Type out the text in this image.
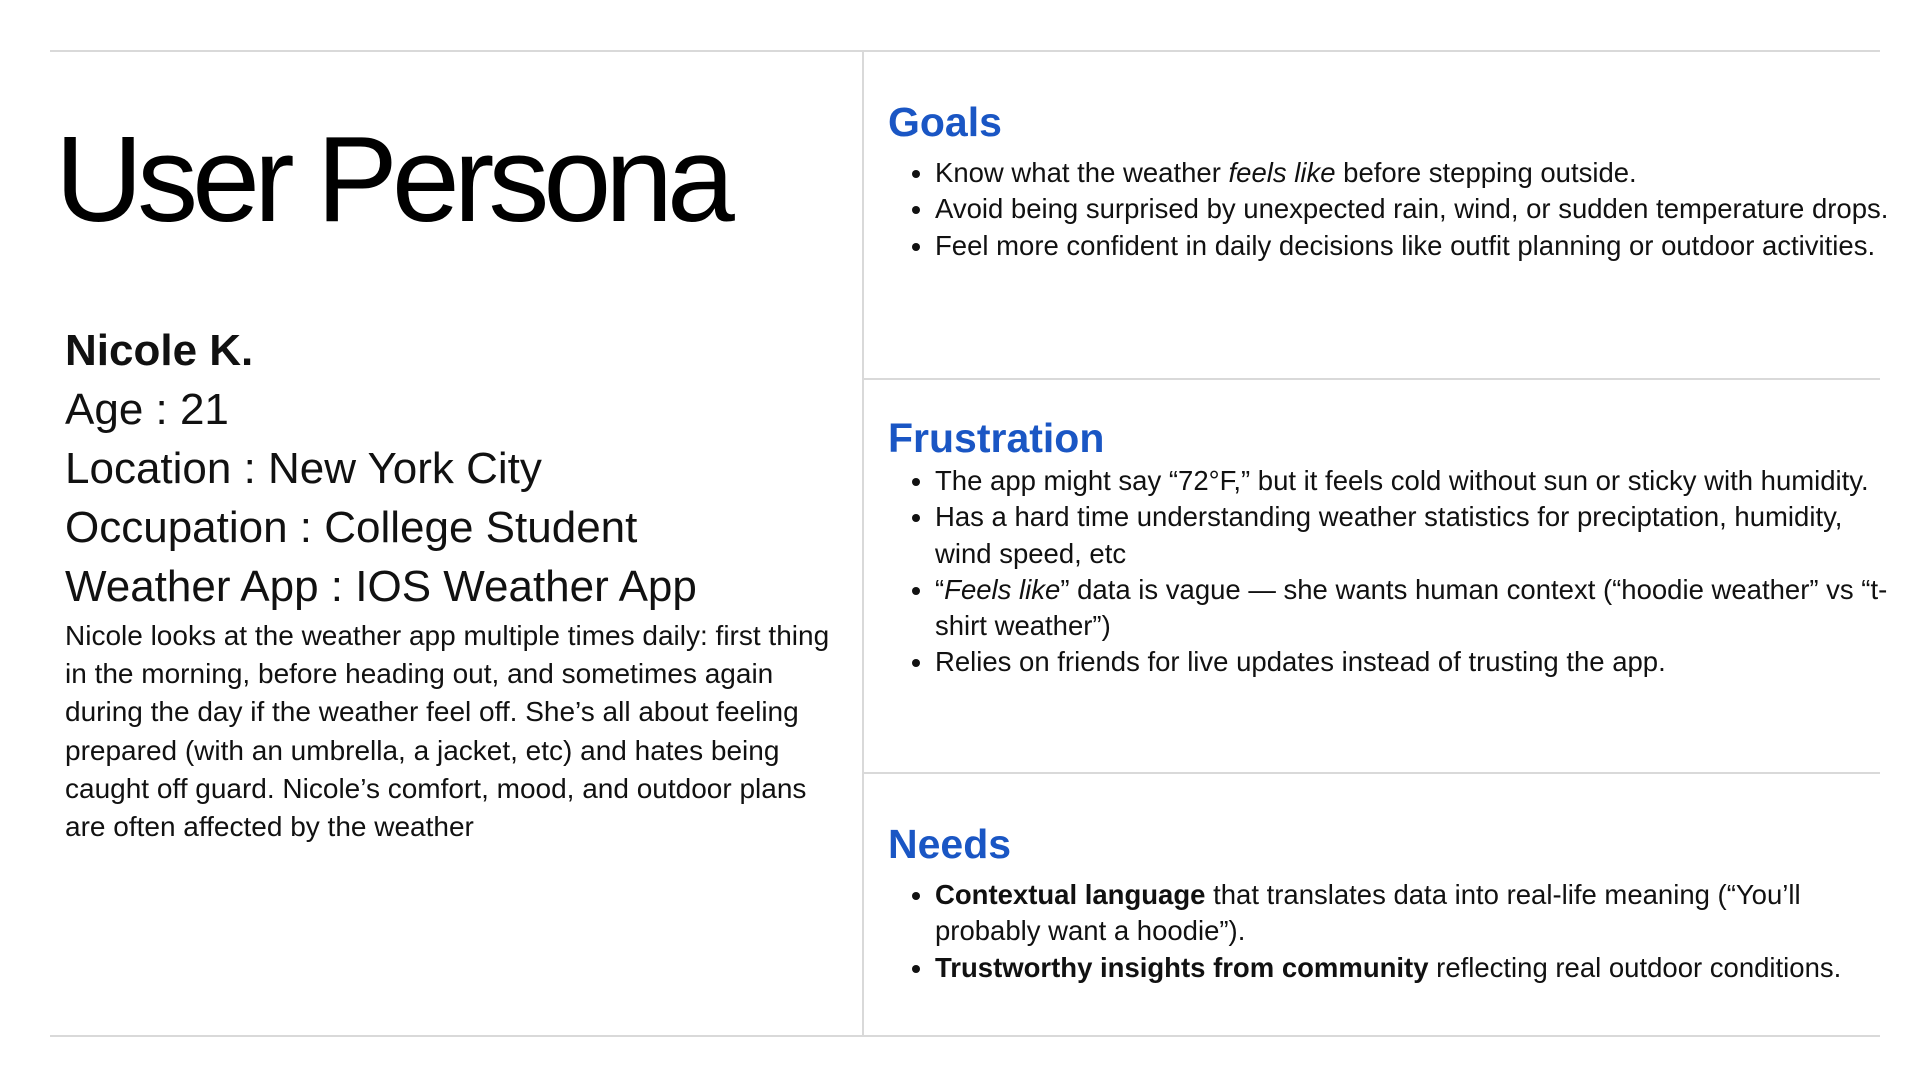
User Persona

Nicole K.

Age : 21

Location : New York City

Occupation : College Student

Weather App : IOS Weather App

Nicole looks at the weather app multiple times daily: first thing in the morning, before heading out, and sometimes again during the day if the weather feel off. She’s all about feeling prepared (with an umbrella, a jacket, etc) and hates being caught off guard. Nicole’s comfort, mood, and outdoor plans are often affected by the weather

Goals
• Know what the weather feels like before stepping outside.
• Avoid being surprised by unexpected rain, wind, or sudden temperature drops.
• Feel more confident in daily decisions like outfit planning or outdoor activities.
Frustration
• The app might say “72°F,” but it feels cold without sun or sticky with humidity.
• Has a hard time understanding weather statistics for preciptation, humidity, wind speed, etc
• “Feels like” data is vague — she wants human context (“hoodie weather” vs “t-shirt weather”)
• Relies on friends for live updates instead of trusting the app.
Needs
• Contextual language that translates data into real-life meaning (“You’ll probably want a hoodie”).
• Trustworthy insights from community reflecting real outdoor conditions.
